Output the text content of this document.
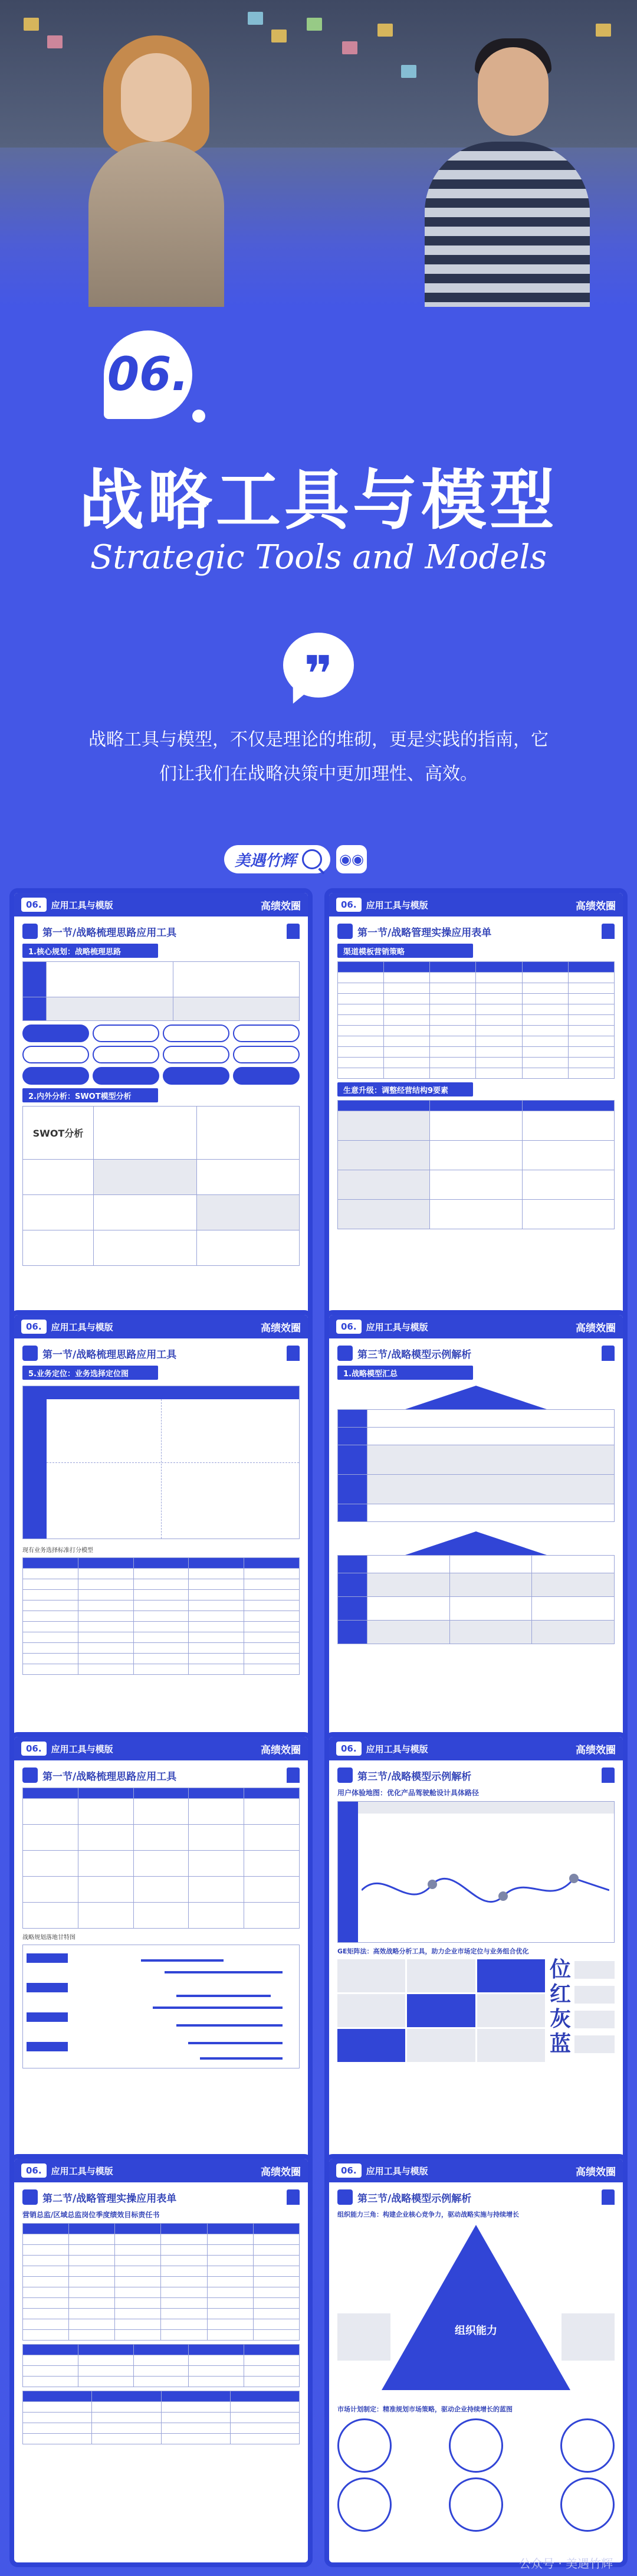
06.
战略工具与模型
Strategic Tools and Models
❞
战略工具与模型，不仅是理论的堆砌，更是实践的指南，它
们让我们在战略决策中更加理性、高效。
美遇竹辉	◉◉
06.	应用工具与模版	高绩效圈
第一节/战略梳理思路应用工具
1.核心规划：战略梳理思路

2.内外分析：SWOT模型分析
SWOT分析		

06.	应用工具与模版	高绩效圈
第一节/战略管理实操应用表单
渠道模板营销策略

生意升级：调整经营结构9要素

06.	应用工具与模版	高绩效圈
第一节/战略梳理思路应用工具
5.业务定位：业务选择定位图
现有业务选择标准打分模型

06.	应用工具与模版	高绩效圈
第三节/战略模型示例解析
1.战略模型汇总

06.	应用工具与模版	高绩效圈
第一节/战略梳理思路应用工具

战略规划落地甘特图
06.	应用工具与模版	高绩效圈
第三节/战略模型示例解析
用户体验地图：优化产品驾驶舱设计具体路径
GE矩阵法：高效战略分析工具，助力企业市场定位与业务组合优化
位
红
灰
蓝
06.	应用工具与模版	高绩效圈
第二节/战略管理实操应用表单
营销总监/区域总监岗位季度绩效目标责任书

06.	应用工具与模版	高绩效圈
第三节/战略模型示例解析
组织能力三角：构建企业核心竞争力，驱动战略实施与持续增长
组织能力
市场计划制定：精准规划市场策略，驱动企业持续增长的蓝图
公众号 · 美遇竹辉
